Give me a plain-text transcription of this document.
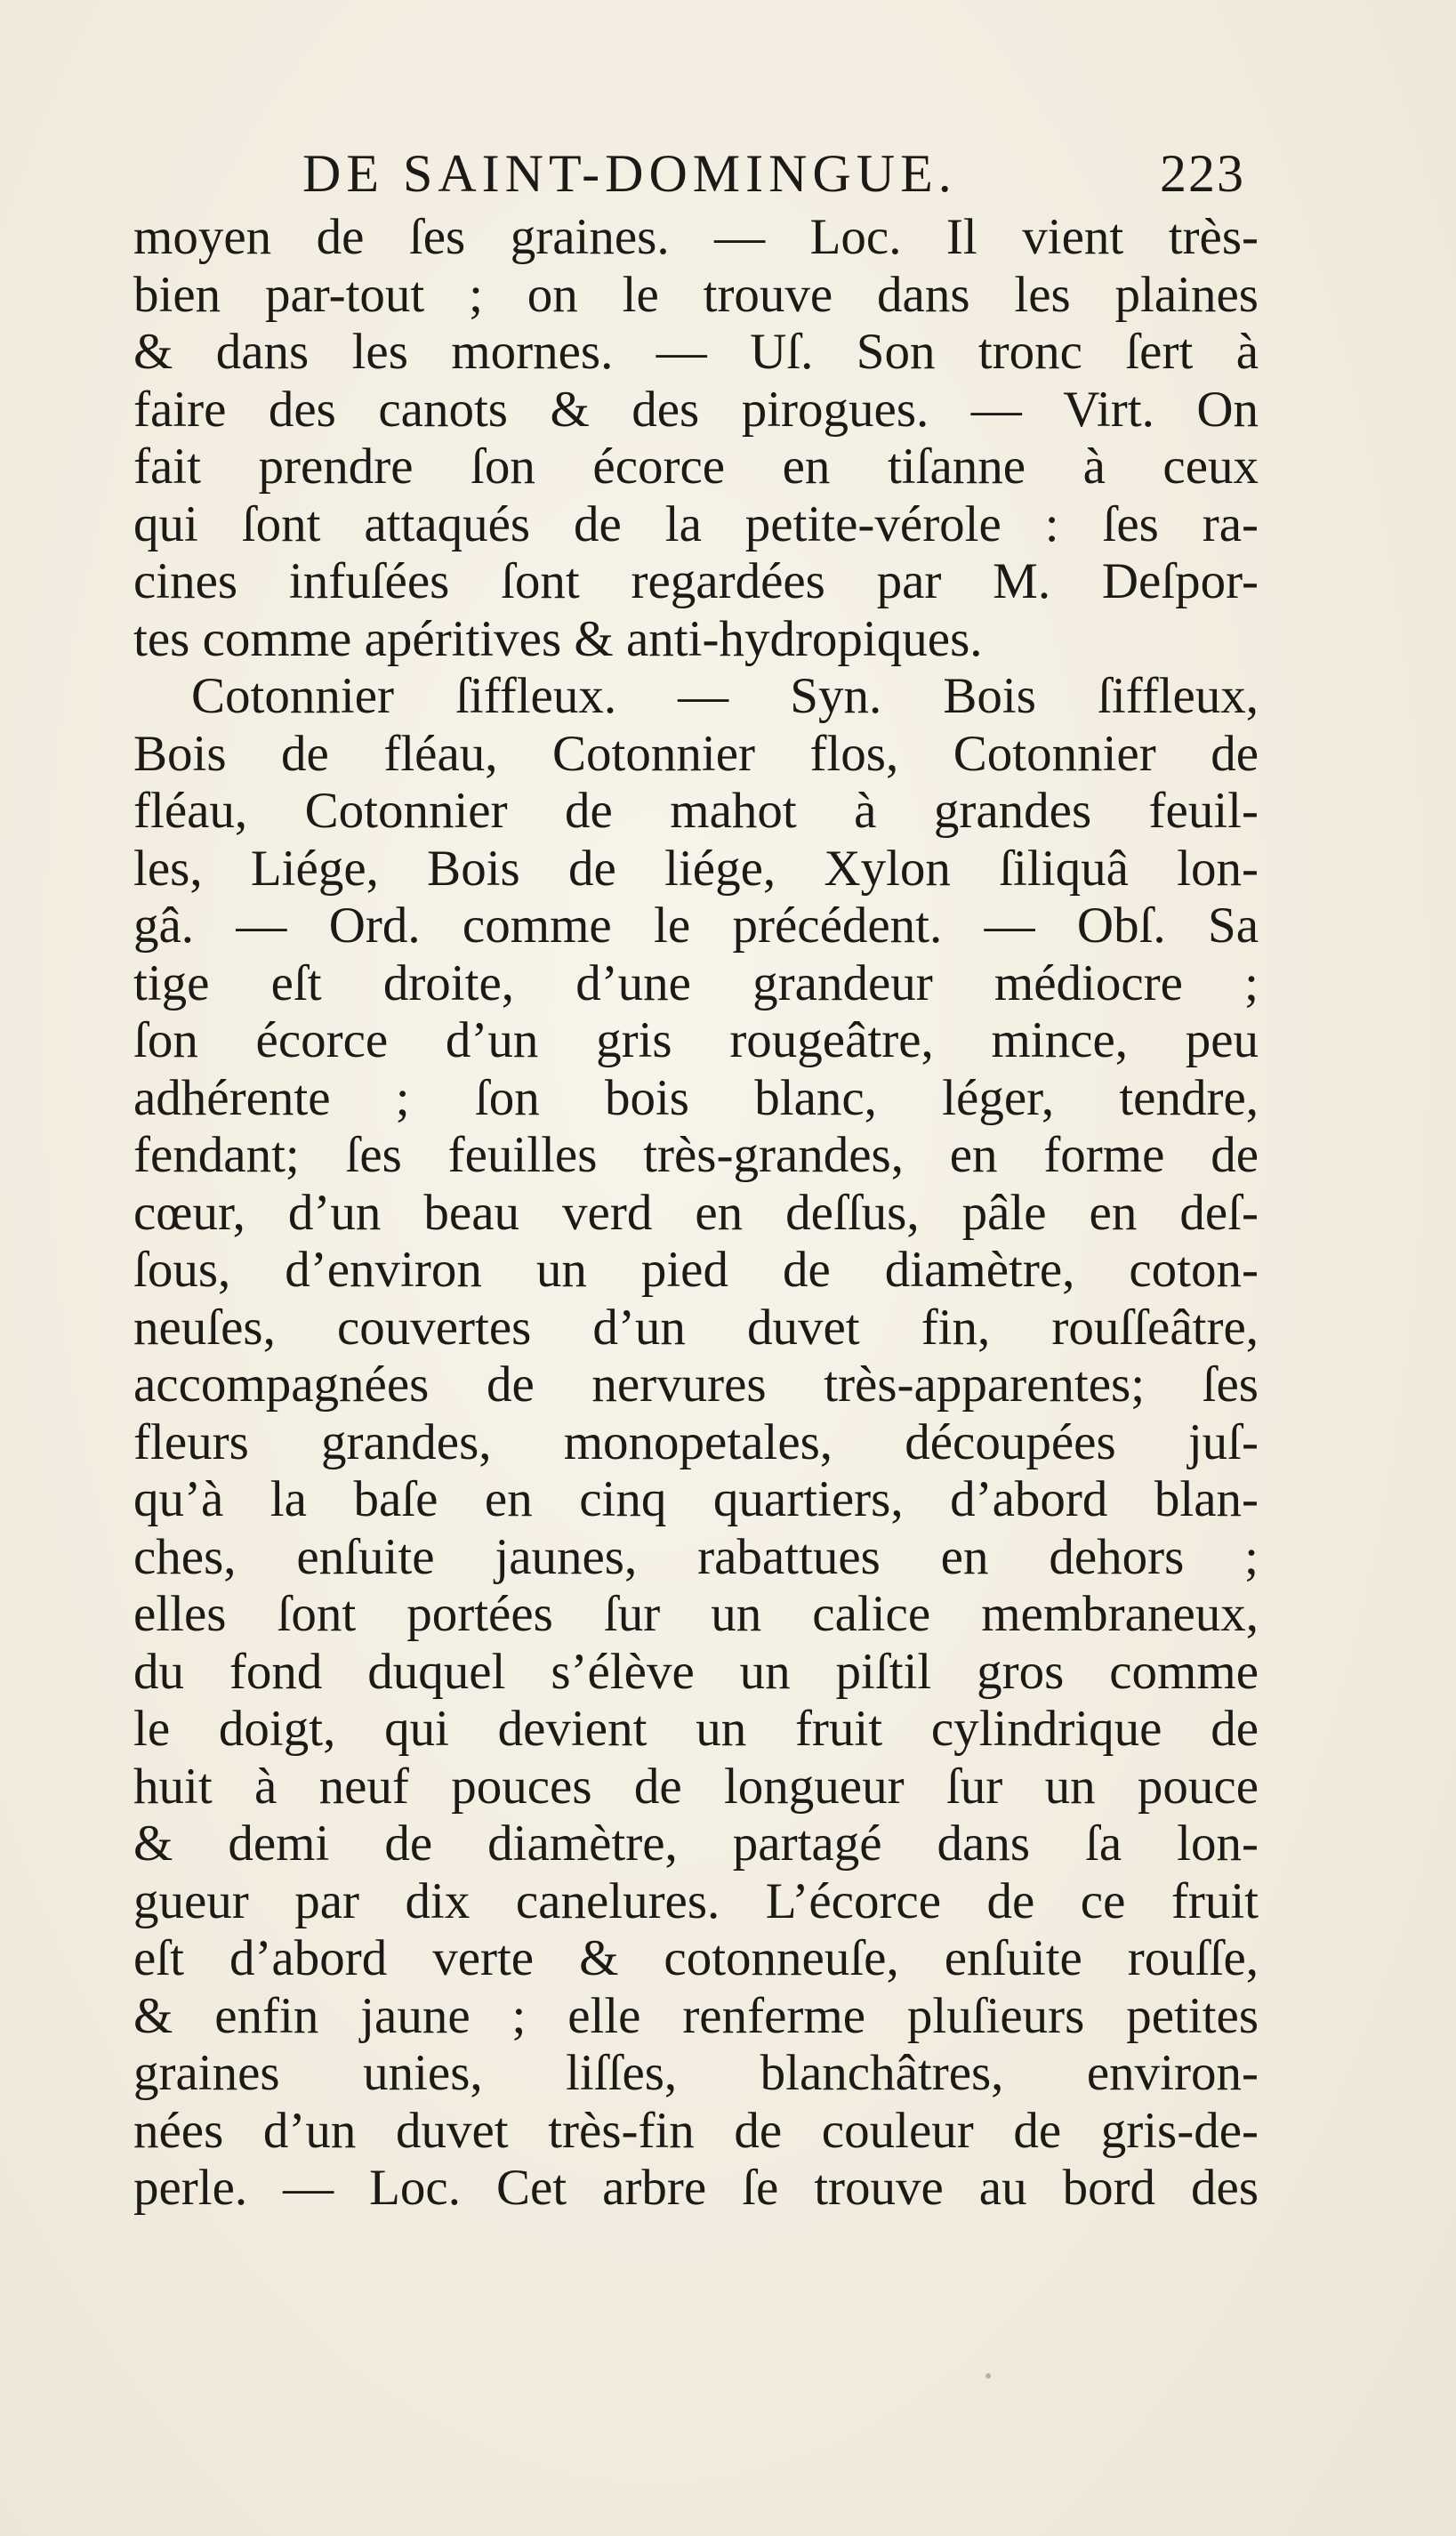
DE SAINT-DOMINGUE.	223
moyen de ſes graines. — Loc. Il vient très-
bien par-tout ; on le trouve dans les plaines
& dans les mornes. — Uſ. Son tronc ſert à
faire des canots & des pirogues. — Virt. On
fait prendre ſon écorce en tiſanne à ceux
qui ſont attaqués de la petite-vérole : ſes ra-
cines infuſées ſont regardées par M. Deſpor-
tes comme apéritives & anti-hydropiques.
Cotonnier ſiffleux. — Syn. Bois ſiffleux,
Bois de fléau, Cotonnier flos, Cotonnier de
fléau, Cotonnier de mahot à grandes feuil-
les, Liége, Bois de liége, Xylon ſiliquâ lon-
gâ. — Ord. comme le précédent. — Obſ. Sa
tige eſt droite, d’une grandeur médiocre ;
ſon écorce d’un gris rougeâtre, mince, peu
adhérente ; ſon bois blanc, léger, tendre,
fendant; ſes feuilles très-grandes, en forme de
cœur, d’un beau verd en deſſus, pâle en deſ-
ſous, d’environ un pied de diamètre, coton-
neuſes, couvertes d’un duvet fin, rouſſeâtre,
accompagnées de nervures très-apparentes; ſes
fleurs grandes, monopetales, découpées juſ-
qu’à la baſe en cinq quartiers, d’abord blan-
ches, enſuite jaunes, rabattues en dehors ;
elles ſont portées ſur un calice membraneux,
du fond duquel s’élève un piſtil gros comme
le doigt, qui devient un fruit cylindrique de
huit à neuf pouces de longueur ſur un pouce
& demi de diamètre, partagé dans ſa lon-
gueur par dix canelures. L’écorce de ce fruit
eſt d’abord verte & cotonneuſe, enſuite rouſſe,
& enfin jaune ; elle renferme pluſieurs petites
graines unies, liſſes, blanchâtres, environ-
nées d’un duvet très-fin de couleur de gris-de-
perle. — Loc. Cet arbre ſe trouve au bord des
